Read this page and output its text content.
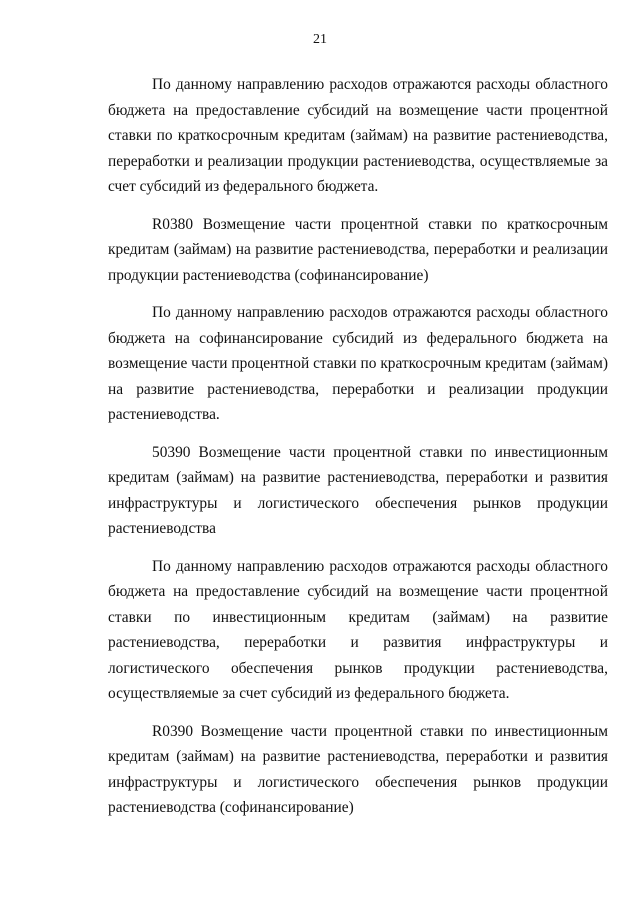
21

По данному направлению расходов отражаются расходы областного бюджета на предоставление субсидий на возмещение части процентной ставки по краткосрочным кредитам (займам) на развитие растениеводства, переработки и реализации продукции растениеводства, осуществляемые за счет субсидий из федерального бюджета.

R0380 Возмещение части процентной ставки по краткосрочным кредитам (займам) на развитие растениеводства, переработки и реализации продукции растениеводства (софинансирование)

По данному направлению расходов отражаются расходы областного бюджета на софинансирование субсидий из федерального бюджета на возмещение части процентной ставки по краткосрочным кредитам (займам) на развитие растениеводства, переработки и реализации продукции растениеводства.

50390 Возмещение части процентной ставки по инвестиционным кредитам (займам) на развитие растениеводства, переработки и развития инфраструктуры и логистического обеспечения рынков продукции растениеводства

По данному направлению расходов отражаются расходы областного бюджета на предоставление субсидий на возмещение части процентной ставки по инвестиционным кредитам (займам) на развитие растениеводства, переработки и развития инфраструктуры и логистического обеспечения рынков продукции растениеводства, осуществляемые за счет субсидий из федерального бюджета.

R0390 Возмещение части процентной ставки по инвестиционным кредитам (займам) на развитие растениеводства, переработки и развития инфраструктуры и логистического обеспечения рынков продукции растениеводства (софинансирование)
